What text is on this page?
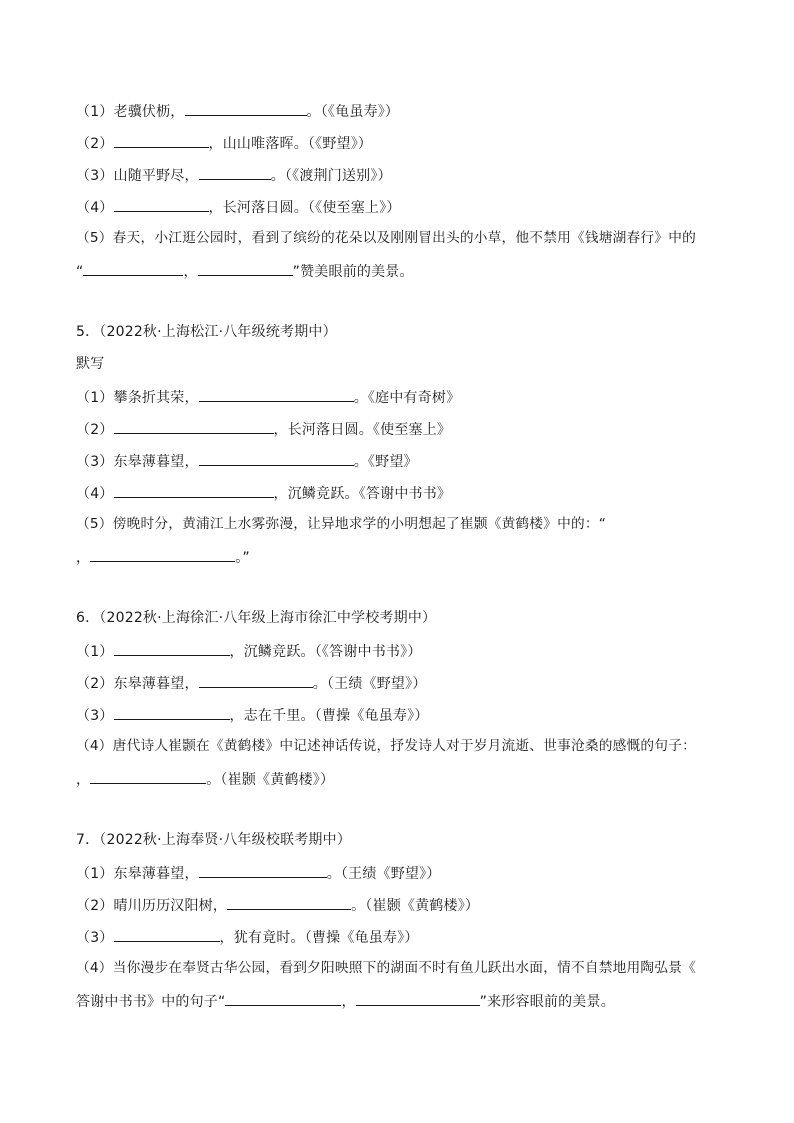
（1）老骥伏枥，	。（《龟虽寿》）
（2）	，山山唯落晖。（《野望》）
（3）山随平野尽，	。（《渡荆门送别》）
（4）	，长河落日圆。（《使至塞上》）
（5）春天，小江逛公园时，看到了缤纷的花朵以及刚刚冒出头的小草，他不禁用《钱塘湖春行》中的
“	，	”赞美眼前的美景。
5．（2022秋·上海松江·八年级统考期中）
默写
（1）攀条折其荣，	。《庭中有奇树》
（2）	，长河落日圆。《使至塞上》
（3）东皋薄暮望，	。《野望》
（4）	，沉鳞竞跃。《答谢中书书》
（5）傍晚时分，黄浦江上水雾弥漫，让异地求学的小明想起了崔颢《黄鹤楼》中的：“
，	。”
6．（2022秋·上海徐汇·八年级上海市徐汇中学校考期中）
（1）	，沉鳞竞跃。（《答谢中书书》）
（2）东皋薄暮望，	。（王绩《野望》）
（3）	，志在千里。（曹操《龟虽寿》）
（4）唐代诗人崔颢在《黄鹤楼》中记述神话传说，抒发诗人对于岁月流逝、世事沧桑的感慨的句子：
，	。（崔颢《黄鹤楼》）
7．（2022秋·上海奉贤·八年级校联考期中）
（1）东皋薄暮望，	。（王绩《野望》）
（2）晴川历历汉阳树，	。（崔颢《黄鹤楼》）
（3）	，犹有竟时。（曹操《龟虽寿》）
（4）当你漫步在奉贤古华公园，看到夕阳映照下的湖面不时有鱼儿跃出水面，情不自禁地用陶弘景《
答谢中书书》中的句子“	，	”来形容眼前的美景。
